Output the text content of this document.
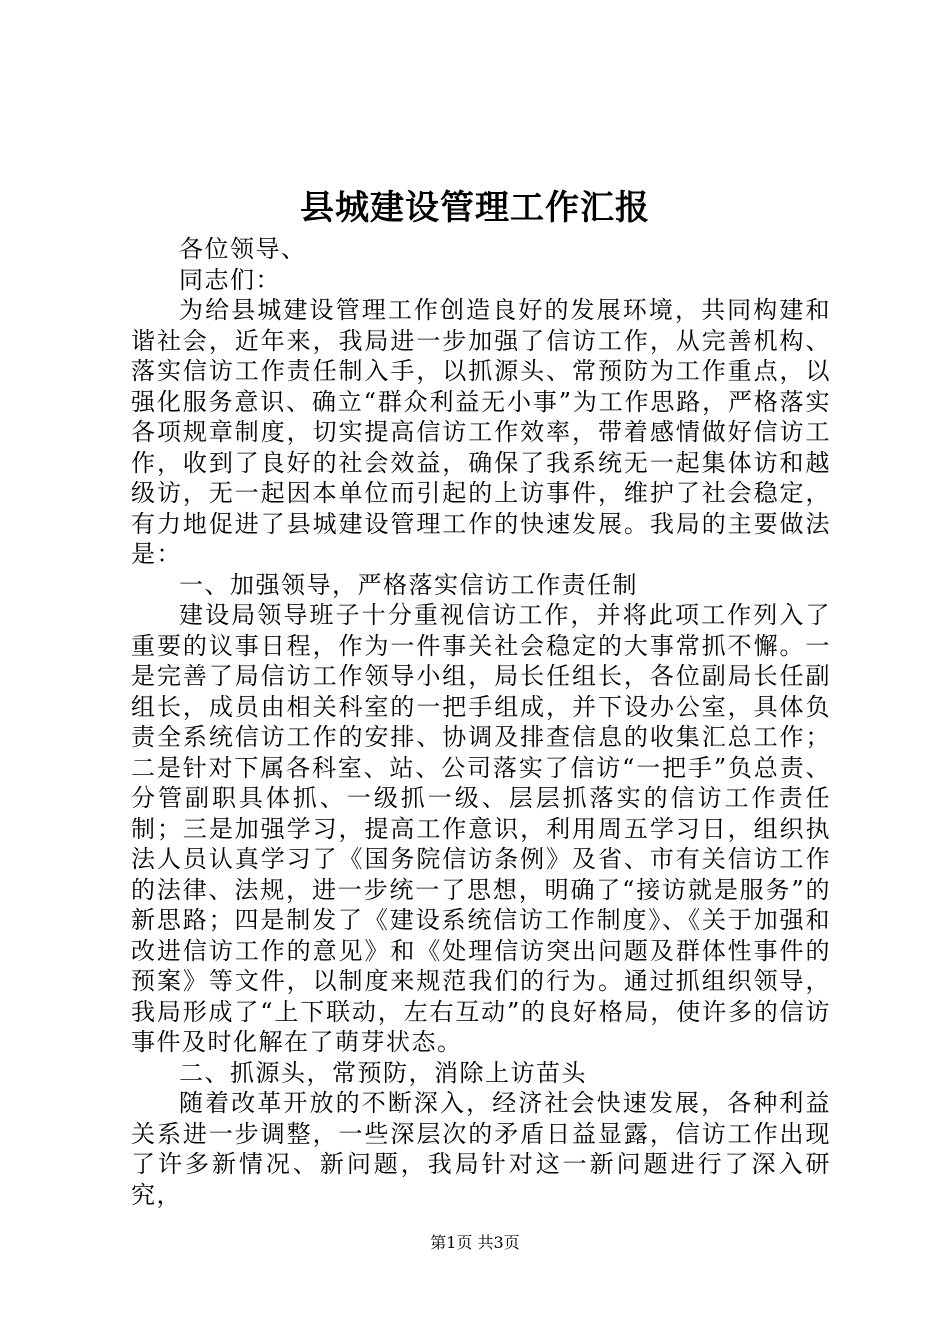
县城建设管理工作汇报

各位领导、

同志们：

为给县城建设管理工作创造良好的发展环境，共同构建和谐社会，近年来，我局进一步加强了信访工作，从完善机构、落实信访工作责任制入手，以抓源头、常预防为工作重点，以强化服务意识、确立“群众利益无小事”为工作思路，严格落实各项规章制度，切实提高信访工作效率，带着感情做好信访工作，收到了良好的社会效益，确保了我系统无一起集体访和越级访，无一起因本单位而引起的上访事件，维护了社会稳定，有力地促进了县城建设管理工作的快速发展。我局的主要做法是：

一、加强领导，严格落实信访工作责任制

建设局领导班子十分重视信访工作，并将此项工作列入了重要的议事日程，作为一件事关社会稳定的大事常抓不懈。一是完善了局信访工作领导小组，局长任组长，各位副局长任副组长，成员由相关科室的一把手组成，并下设办公室，具体负责全系统信访工作的安排、协调及排查信息的收集汇总工作；二是针对下属各科室、站、公司落实了信访“一把手”负总责、分管副职具体抓、一级抓一级、层层抓落实的信访工作责任制；三是加强学习，提高工作意识，利用周五学习日，组织执法人员认真学习了《国务院信访条例》及省、市有关信访工作的法律、法规，进一步统一了思想，明确了“接访就是服务”的新思路；四是制发了《建设系统信访工作制度》、《关于加强和改进信访工作的意见》和《处理信访突出问题及群体性事件的预案》等文件，以制度来规范我们的行为。通过抓组织领导，我局形成了“上下联动，左右互动”的良好格局，使许多的信访事件及时化解在了萌芽状态。

二、抓源头，常预防，消除上访苗头

随着改革开放的不断深入，经济社会快速发展，各种利益关系进一步调整，一些深层次的矛盾日益显露，信访工作出现了许多新情况、新问题，我局针对这一新问题进行了深入研究，

第1页 共3页
